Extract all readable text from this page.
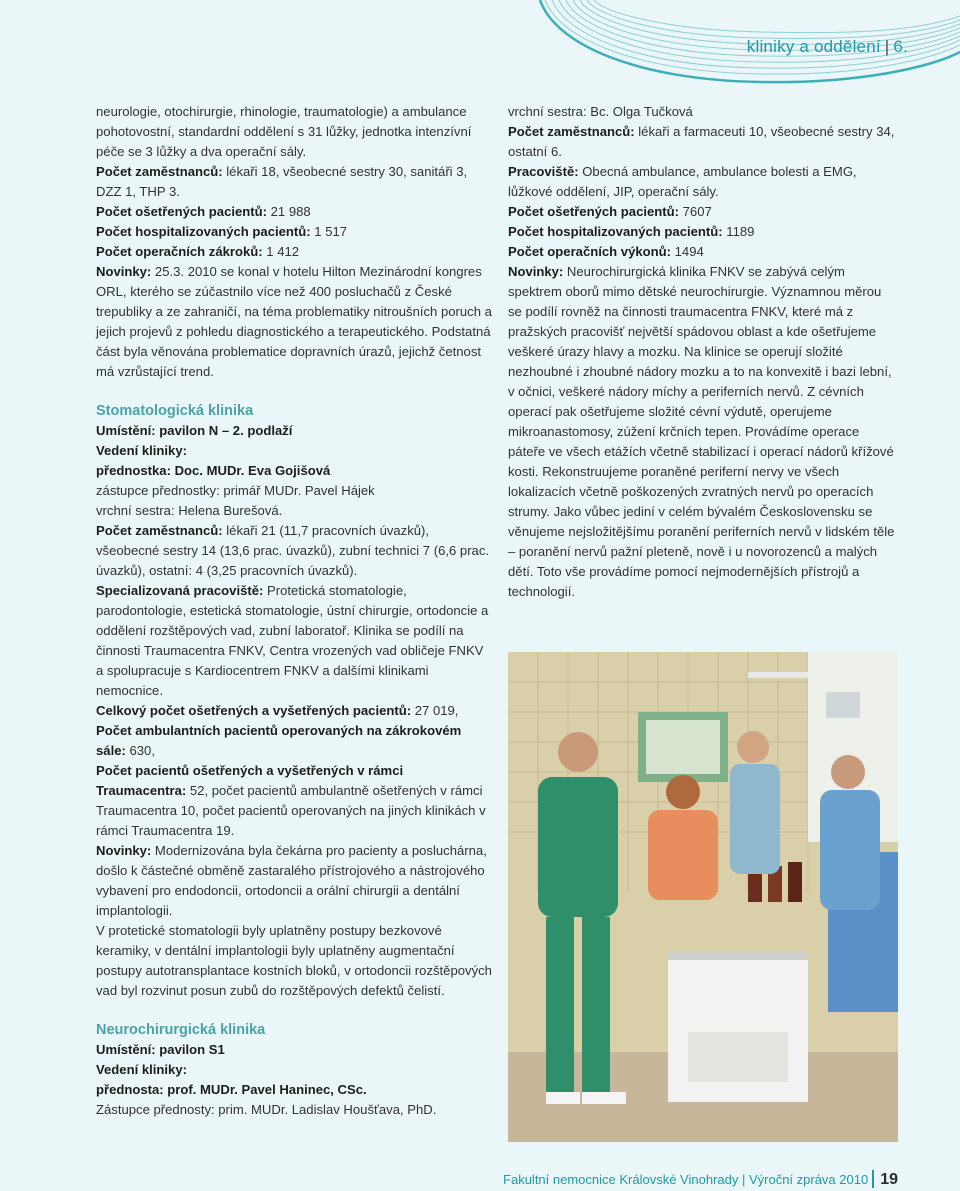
kliniky a oddělení | 6.

neurologie, otochirurgie, rhinologie, traumatologie) a ambulance pohotovostní, standardní oddělení s 31 lůžky, jednotka intenzívní péče se 3 lůžky a dva operační sály.

Počet zaměstnanců: lékaři 18, všeobecné sestry 30, sanitáři 3, DZZ 1, THP 3.

Počet ošetřených pacientů: 21 988

Počet hospitalizovaných pacientů: 1 517

Počet operačních zákroků: 1 412

Novinky: 25.3. 2010 se konal v hotelu Hilton Mezinárodní kongres ORL, kterého se zúčastnilo více než 400 posluchačů z České trepubliky a ze zahraničí, na téma problematiky nitroušních poruch a jejich projevů z pohledu diagnostického a terapeutického. Podstatná část byla věnována problematice dopravních úrazů, jejichž četnost má vzrůstající trend.

Stomatologická klinika

Umístění: pavilon N – 2. podlaží

Vedení kliniky:

přednostka: Doc. MUDr. Eva Gojišová

zástupce přednostky: primář MUDr. Pavel Hájek

vrchní sestra: Helena Burešová.

Počet zaměstnanců: lékaři 21 (11,7 pracovních úvazků), všeobecné sestry 14 (13,6 prac. úvazků), zubní technici 7 (6,6 prac. úvazků), ostatní: 4 (3,25 pracovních úvazků).

Specializovaná pracoviště: Protetická stomatologie, parodontologie, estetická stomatologie, ústní chirurgie, ortodoncie a oddělení rozštěpových vad, zubní laboratoř. Klinika se podílí na činnosti Traumacentra FNKV, Centra vrozených vad obličeje FNKV a spolupracuje s Kardiocentrem FNKV a dalšími klinikami nemocnice.

Celkový počet ošetřených a vyšetřených pacientů: 27 019,

Počet ambulantních pacientů operovaných na zákrokovém sále: 630,

Počet pacientů ošetřených a vyšetřených v rámci Traumacentra: 52, počet pacientů ambulantně ošetřených v rámci Traumacentra 10, počet pacientů operovaných na jiných klinikách v rámci Traumacentra 19.

Novinky: Modernizována byla čekárna pro pacienty a posluchárna, došlo k částečné obměně zastaralého přístrojového a nástrojového vybavení pro endodoncii, ortodoncii a orální chirurgii a dentální implantologii.

V protetické stomatologii byly uplatněny postupy bezkovové keramiky, v dentální implantologii byly uplatněny augmentační postupy autotransplantace kostních bloků, v ortodoncii rozštěpových vad byl rozvinut posun zubů do rozštěpových defektů čelistí.

Neurochirurgická klinika

Umístění: pavilon S1

Vedení kliniky:

přednosta: prof. MUDr. Pavel Haninec, CSc.

Zástupce přednosty: prim. MUDr. Ladislav Houšťava, PhD.

vrchní sestra: Bc. Olga Tučková

Počet zaměstnanců: lékaři a farmaceuti 10, všeobecné sestry 34, ostatní 6.

Pracoviště: Obecná ambulance, ambulance bolesti a EMG, lůžkové oddělení, JIP, operační sály.

Počet ošetřených pacientů: 7607

Počet hospitalizovaných pacientů: 1189

Počet operačních výkonů: 1494

Novinky: Neurochirurgická klinika FNKV se zabývá celým spektrem oborů mimo dětské neurochirurgie. Významnou měrou se podílí rovněž na činnosti traumacentra FNKV, které má z pražských pracovišť největší spádovou oblast a kde ošetřujeme veškeré úrazy hlavy a mozku. Na klinice se operují složité nezhoubné i zhoubné nádory mozku a to na konvexitě i bazi lební, v očnici, veškeré nádory míchy a periferních nervů. Z cévních operací pak ošetřujeme složité cévní výdutě, operujeme mikroanastomosy, zúžení krčních tepen. Provádíme operace páteře ve všech etážích včetně stabilizací i operací nádorů křížové kosti. Rekonstruujeme poraněné periferní nervy ve všech lokalizacích včetně poškozených zvratných nervů po operacích strumy. Jako vůbec jediní v celém bývalém Československu se věnujeme nejsložitějšímu poranění periferních nervů v lidském těle – poranění nervů pažní pleteně, nově i u novorozenců a malých dětí. Toto vše provádíme pomocí nejmodernějších přístrojů a technologií.

Fakultní nemocnice Královské Vinohrady | Výroční zpráva 2010 19
